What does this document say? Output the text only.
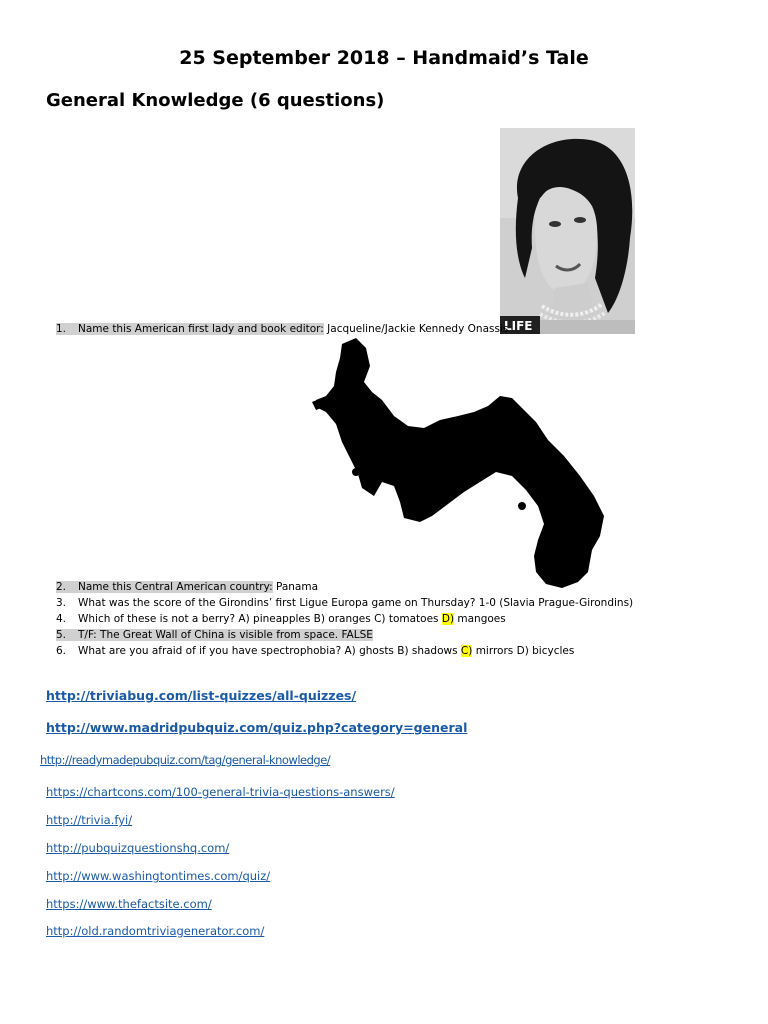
25 September 2018 – Handmaid’s Tale
General Knowledge (6 questions)
LIFE
1. Name this American first lady and book editor: Jacqueline/Jackie Kennedy Onassis
2. Name this Central American country: Panama
3. What was the score of the Girondins’ first Ligue Europa game on Thursday? 1-0 (Slavia Prague-Girondins)
4. Which of these is not a berry? A) pineapples B) oranges C) tomatoes D) mangoes
5. T/F: The Great Wall of China is visible from space. FALSE
6. What are you afraid of if you have spectrophobia? A) ghosts B) shadows C) mirrors D) bicycles
http://triviabug.com/list-quizzes/all-quizzes/
http://www.madridpubquiz.com/quiz.php?category=general
http://readymadepubquiz.com/tag/general-knowledge/
https://chartcons.com/100-general-trivia-questions-answers/
http://trivia.fyi/
http://pubquizquestionshq.com/
http://www.washingtontimes.com/quiz/
https://www.thefactsite.com/
http://old.randomtriviagenerator.com/
